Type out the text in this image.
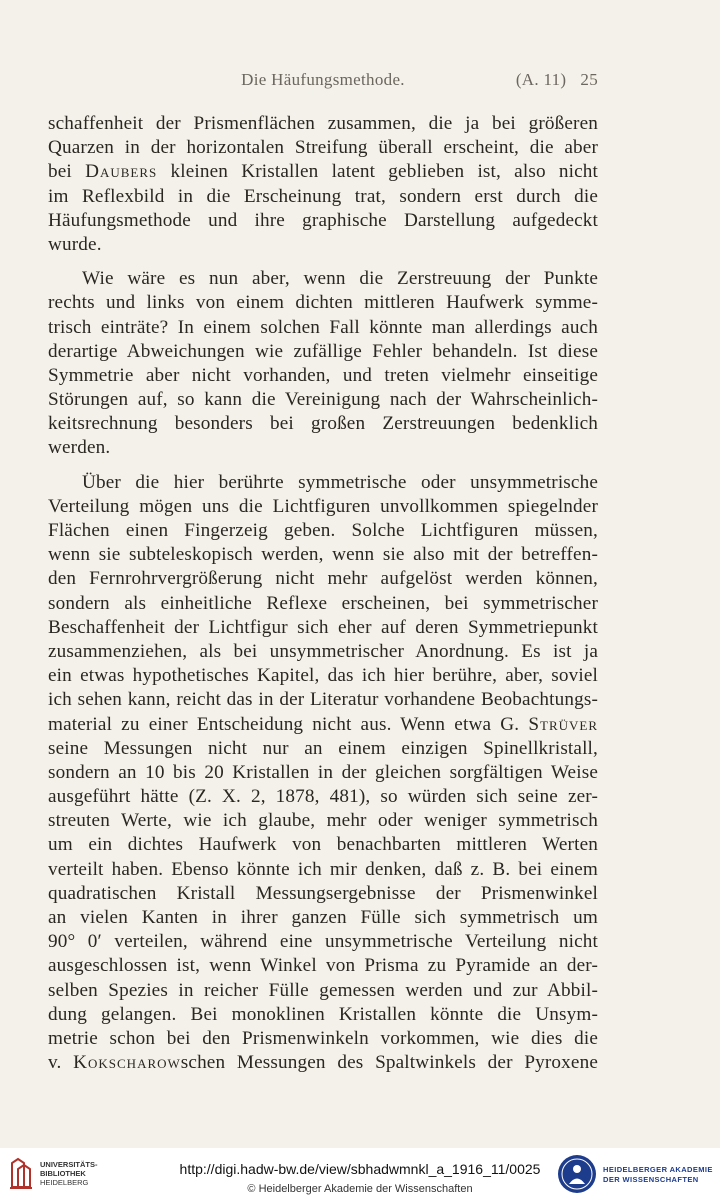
Die Häufungsmethode.	(A. 11) 25
schaffenheit der Prismenflächen zusammen, die ja bei größeren
Quarzen in der horizontalen Streifung überall erscheint, die aber
bei Daubers kleinen Kristallen latent geblieben ist, also nicht
im Reflexbild in die Erscheinung trat, sondern erst durch die
Häufungsmethode und ihre graphische Darstellung aufgedeckt
wurde.
Wie wäre es nun aber, wenn die Zerstreuung der Punkte
rechts und links von einem dichten mittleren Haufwerk symme-
trisch einträte? In einem solchen Fall könnte man allerdings auch
derartige Abweichungen wie zufällige Fehler behandeln. Ist diese
Symmetrie aber nicht vorhanden, und treten vielmehr einseitige
Störungen auf, so kann die Vereinigung nach der Wahrscheinlich-
keitsrechnung besonders bei großen Zerstreuungen bedenklich
werden.
Über die hier berührte symmetrische oder unsymmetrische
Verteilung mögen uns die Lichtfiguren unvollkommen spiegelnder
Flächen einen Fingerzeig geben. Solche Lichtfiguren müssen,
wenn sie subteleskopisch werden, wenn sie also mit der betreffen-
den Fernrohrvergrößerung nicht mehr aufgelöst werden können,
sondern als einheitliche Reflexe erscheinen, bei symmetrischer
Beschaffenheit der Lichtfigur sich eher auf deren Symmetriepunkt
zusammenziehen, als bei unsymmetrischer Anordnung. Es ist ja
ein etwas hypothetisches Kapitel, das ich hier berühre, aber, soviel
ich sehen kann, reicht das in der Literatur vorhandene Beobachtungs-
material zu einer Entscheidung nicht aus. Wenn etwa G. Strüver
seine Messungen nicht nur an einem einzigen Spinellkristall,
sondern an 10 bis 20 Kristallen in der gleichen sorgfältigen Weise
ausgeführt hätte (Z. X. 2, 1878, 481), so würden sich seine zer-
streuten Werte, wie ich glaube, mehr oder weniger symmetrisch
um ein dichtes Haufwerk von benachbarten mittleren Werten
verteilt haben. Ebenso könnte ich mir denken, daß z. B. bei einem
quadratischen Kristall Messungsergebnisse der Prismenwinkel
an vielen Kanten in ihrer ganzen Fülle sich symmetrisch um
90° 0′ verteilen, während eine unsymmetrische Verteilung nicht
ausgeschlossen ist, wenn Winkel von Prisma zu Pyramide an der-
selben Spezies in reicher Fülle gemessen werden und zur Abbil-
dung gelangen. Bei monoklinen Kristallen könnte die Unsym-
metrie schon bei den Prismenwinkeln vorkommen, wie dies die
v. Kokscharowschen Messungen des Spaltwinkels der Pyroxene
UNIVERSITÄTS-
BIBLIOTHEK
HEIDELBERG
http://digi.hadw-bw.de/view/sbhadwmnkl_a_1916_11/0025
© Heidelberger Akademie der Wissenschaften
HEIDELBERGER AKADEMIE
DER WISSENSCHAFTEN
